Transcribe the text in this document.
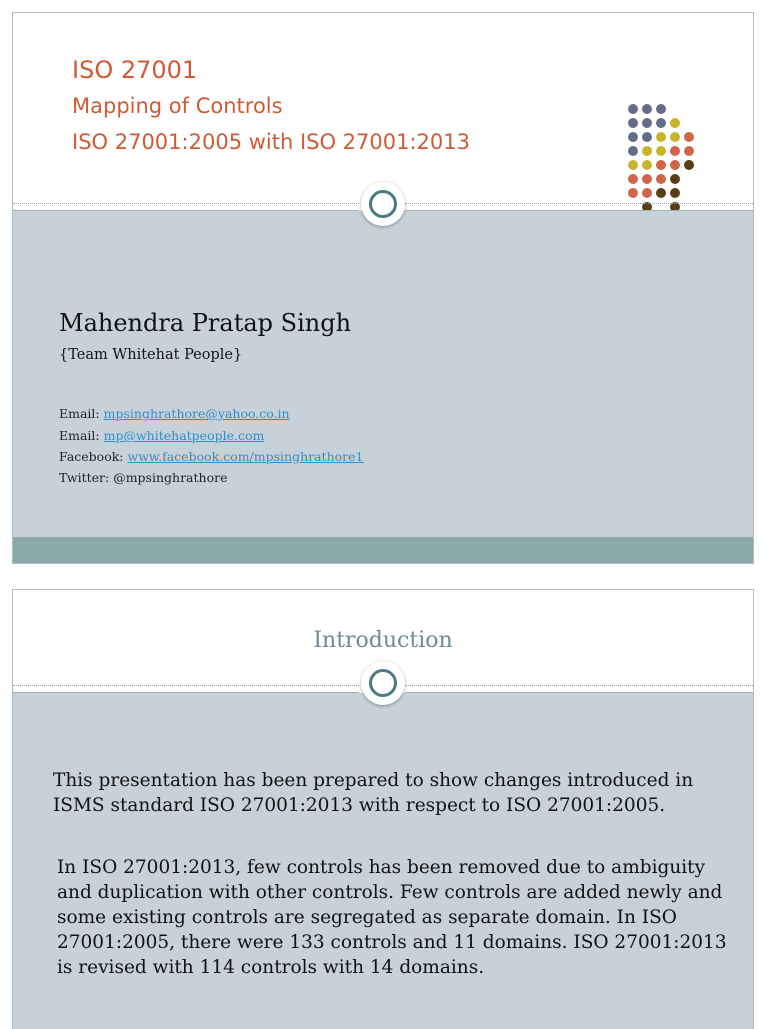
ISO 27001
Mapping of Controls
ISO 27001:2005 with ISO 27001:2013
Mahendra Pratap Singh
{Team Whitehat People}
Email: mpsinghrathore@yahoo.co.in
Email: mp@whitehatpeople.com
Facebook: www.facebook.com/mpsinghrathore1
Twitter: @mpsinghrathore
Introduction
This presentation has been prepared to show changes introduced in ISMS standard ISO 27001:2013 with respect to ISO 27001:2005.
In ISO 27001:2013, few controls has been removed due to ambiguity and duplication with other controls. Few controls are added newly and some existing controls are segregated as separate domain. In ISO 27001:2005, there were 133 controls and 11 domains. ISO 27001:2013 is revised with 114 controls with 14 domains.
